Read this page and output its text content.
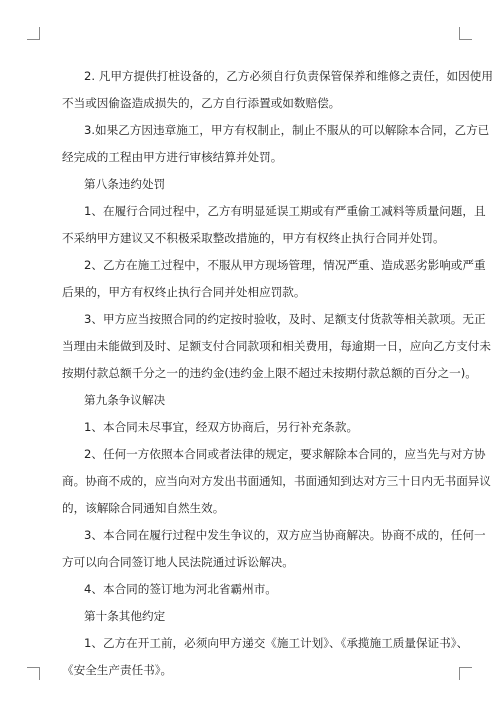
2. 凡甲方提供打桩设备的，乙方必须自行负责保管保养和维修之责任，如因使用
不当或因偷盗造成损失的，乙方自行添置或如数赔偿。
3.如果乙方因违章施工，甲方有权制止，制止不服从的可以解除本合同，乙方已
经完成的工程由甲方进行审核结算并处罚。
第八条违约处罚
1、在履行合同过程中，乙方有明显延误工期或有严重偷工减料等质量问题，且
不采纳甲方建议又不积极采取整改措施的，甲方有权终止执行合同并处罚。
2、乙方在施工过程中，不服从甲方现场管理，情况严重、造成恶劣影响或严重
后果的，甲方有权终止执行合同并处相应罚款。
3、甲方应当按照合同的约定按时验收，及时、足额支付货款等相关款项。无正
当理由未能做到及时、足额支付合同款项和相关费用，每逾期一日，应向乙方支付未
按期付款总额千分之一的违约金(违约金上限不超过未按期付款总额的百分之一)。
第九条争议解决
1、本合同未尽事宜，经双方协商后，另行补充条款。
2、任何一方依照本合同或者法律的规定，要求解除本合同的，应当先与对方协
商。协商不成的，应当向对方发出书面通知，书面通知到达对方三十日内无书面异议
的，该解除合同通知自然生效。
3、本合同在履行过程中发生争议的，双方应当协商解决。协商不成的，任何一
方可以向合同签订地人民法院通过诉讼解决。
4、本合同的签订地为河北省霸州市。
第十条其他约定
1、乙方在开工前，必须向甲方递交《施工计划》、《承揽施工质量保证书》、
《安全生产责任书》。
